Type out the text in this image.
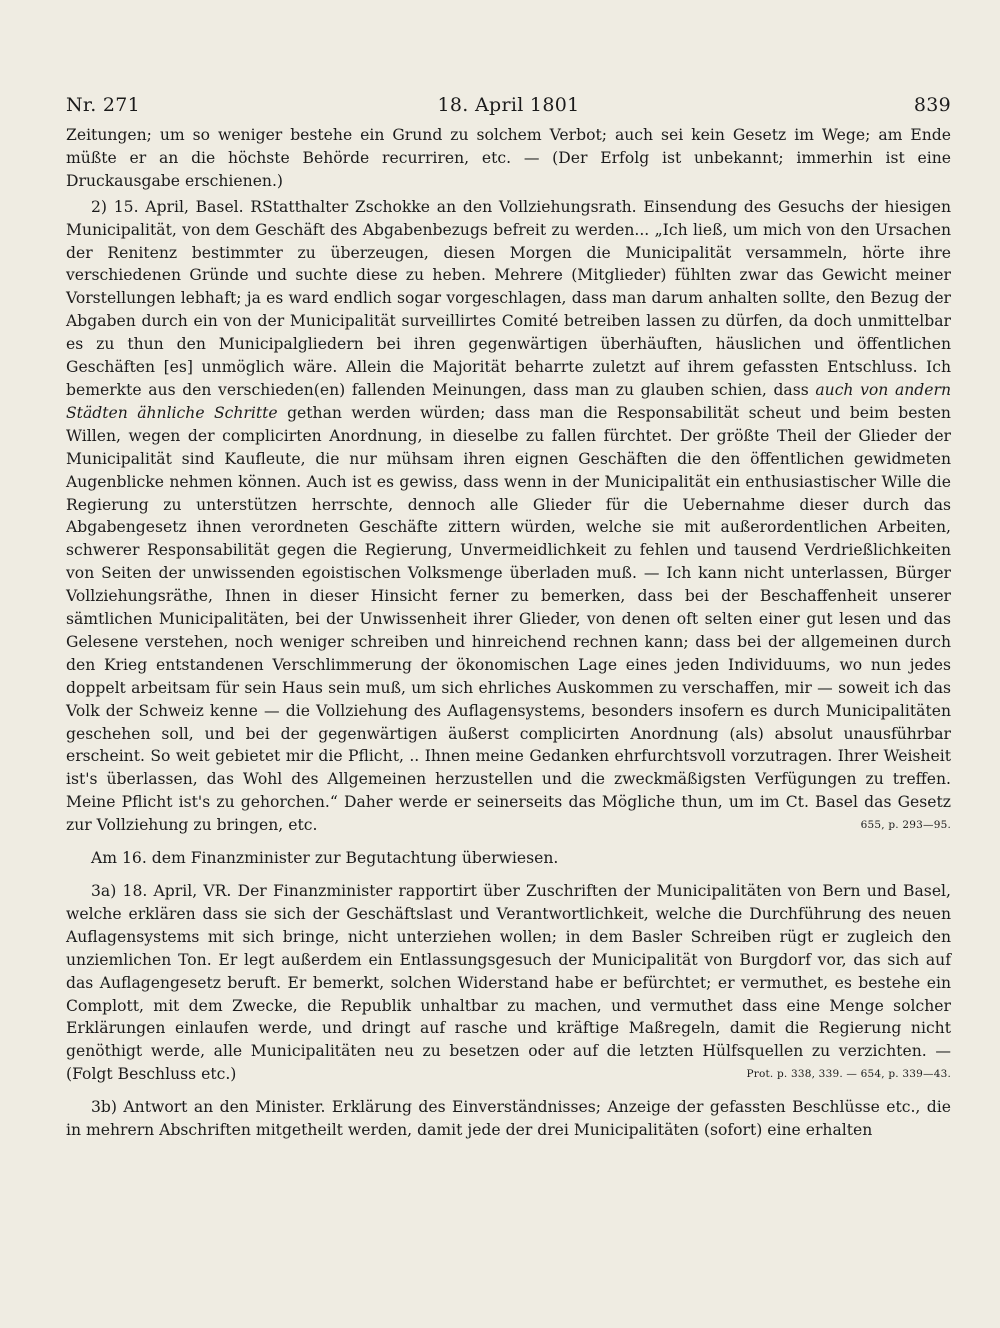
Nr. 271	18. April 1801	839

Zeitungen; um so weniger bestehe ein Grund zu solchem Verbot; auch sei kein Gesetz im Wege; am Ende müßte er an die höchste Behörde recurriren, etc. — (Der Erfolg ist unbekannt; immerhin ist eine Druckausgabe erschienen.)

2) 15. April, Basel. RStatthalter Zschokke an den Vollziehungsrath. Einsendung des Gesuchs der hiesigen Municipalität, von dem Geschäft des Abgabenbezugs befreit zu werden... „Ich ließ, um mich von den Ursachen der Renitenz bestimmter zu überzeugen, diesen Morgen die Municipalität versammeln, hörte ihre verschiedenen Gründe und suchte diese zu heben. Mehrere (Mitglieder) fühlten zwar das Gewicht meiner Vorstellungen lebhaft; ja es ward endlich sogar vorgeschlagen, dass man darum anhalten sollte, den Bezug der Abgaben durch ein von der Municipalität surveillirtes Comité betreiben lassen zu dürfen, da doch unmittelbar es zu thun den Municipalgliedern bei ihren gegenwärtigen überhäuften, häuslichen und öffentlichen Geschäften [es] unmöglich wäre. Allein die Majorität beharrte zuletzt auf ihrem gefassten Entschluss. Ich bemerkte aus den verschieden(en) fallenden Meinungen, dass man zu glauben schien, dass auch von andern Städten ähnliche Schritte gethan werden würden; dass man die Responsabilität scheut und beim besten Willen, wegen der complicirten Anordnung, in dieselbe zu fallen fürchtet. Der größte Theil der Glieder der Municipalität sind Kaufleute, die nur mühsam ihren eignen Geschäften die den öffentlichen gewidmeten Augenblicke nehmen können. Auch ist es gewiss, dass wenn in der Municipalität ein enthusiastischer Wille die Regierung zu unterstützen herrschte, dennoch alle Glieder für die Uebernahme dieser durch das Abgabengesetz ihnen verordneten Geschäfte zittern würden, welche sie mit außerordentlichen Arbeiten, schwerer Responsabilität gegen die Regierung, Unvermeidlichkeit zu fehlen und tausend Verdrießlichkeiten von Seiten der unwissenden egoistischen Volksmenge überladen muß. — Ich kann nicht unterlassen, Bürger Vollziehungsräthe, Ihnen in dieser Hinsicht ferner zu bemerken, dass bei der Beschaffenheit unserer sämtlichen Municipalitäten, bei der Unwissenheit ihrer Glieder, von denen oft selten einer gut lesen und das Gelesene verstehen, noch weniger schreiben und hinreichend rechnen kann; dass bei der allgemeinen durch den Krieg entstandenen Verschlimmerung der ökonomischen Lage eines jeden Individuums, wo nun jedes doppelt arbeitsam für sein Haus sein muß, um sich ehrliches Auskommen zu verschaffen, mir — soweit ich das Volk der Schweiz kenne — die Vollziehung des Auflagensystems, besonders insofern es durch Municipalitäten geschehen soll, und bei der gegenwärtigen äußerst complicirten Anordnung (als) absolut unausführbar erscheint. So weit gebietet mir die Pflicht, .. Ihnen meine Gedanken ehrfurchtsvoll vorzutragen. Ihrer Weisheit ist's überlassen, das Wohl des Allgemeinen herzustellen und die zweckmäßigsten Verfügungen zu treffen. Meine Pflicht ist's zu gehorchen.“ Daher werde er seinerseits das Mögliche thun, um im Ct. Basel das Gesetz zur Vollziehung zu bringen, etc.	655, p. 293—95.

Am 16. dem Finanzminister zur Begutachtung überwiesen.

3a) 18. April, VR. Der Finanzminister rapportirt über Zuschriften der Municipalitäten von Bern und Basel, welche erklären dass sie sich der Geschäftslast und Verantwortlichkeit, welche die Durchführung des neuen Auflagensystems mit sich bringe, nicht unterziehen wollen; in dem Basler Schreiben rügt er zugleich den unziemlichen Ton. Er legt außerdem ein Entlassungsgesuch der Municipalität von Burgdorf vor, das sich auf das Auflagengesetz beruft. Er bemerkt, solchen Widerstand habe er befürchtet; er vermuthet, es bestehe ein Complott, mit dem Zwecke, die Republik unhaltbar zu machen, und vermuthet dass eine Menge solcher Erklärungen einlaufen werde, und dringt auf rasche und kräftige Maßregeln, damit die Regierung nicht genöthigt werde, alle Municipalitäten neu zu besetzen oder auf die letzten Hülfsquellen zu verzichten. — (Folgt Beschluss etc.)	Prot. p. 338, 339. — 654, p. 339—43.

3b) Antwort an den Minister. Erklärung des Einverständnisses; Anzeige der gefassten Beschlüsse etc., die in mehrern Abschriften mitgetheilt werden, damit jede der drei Municipalitäten (sofort) eine erhalten
